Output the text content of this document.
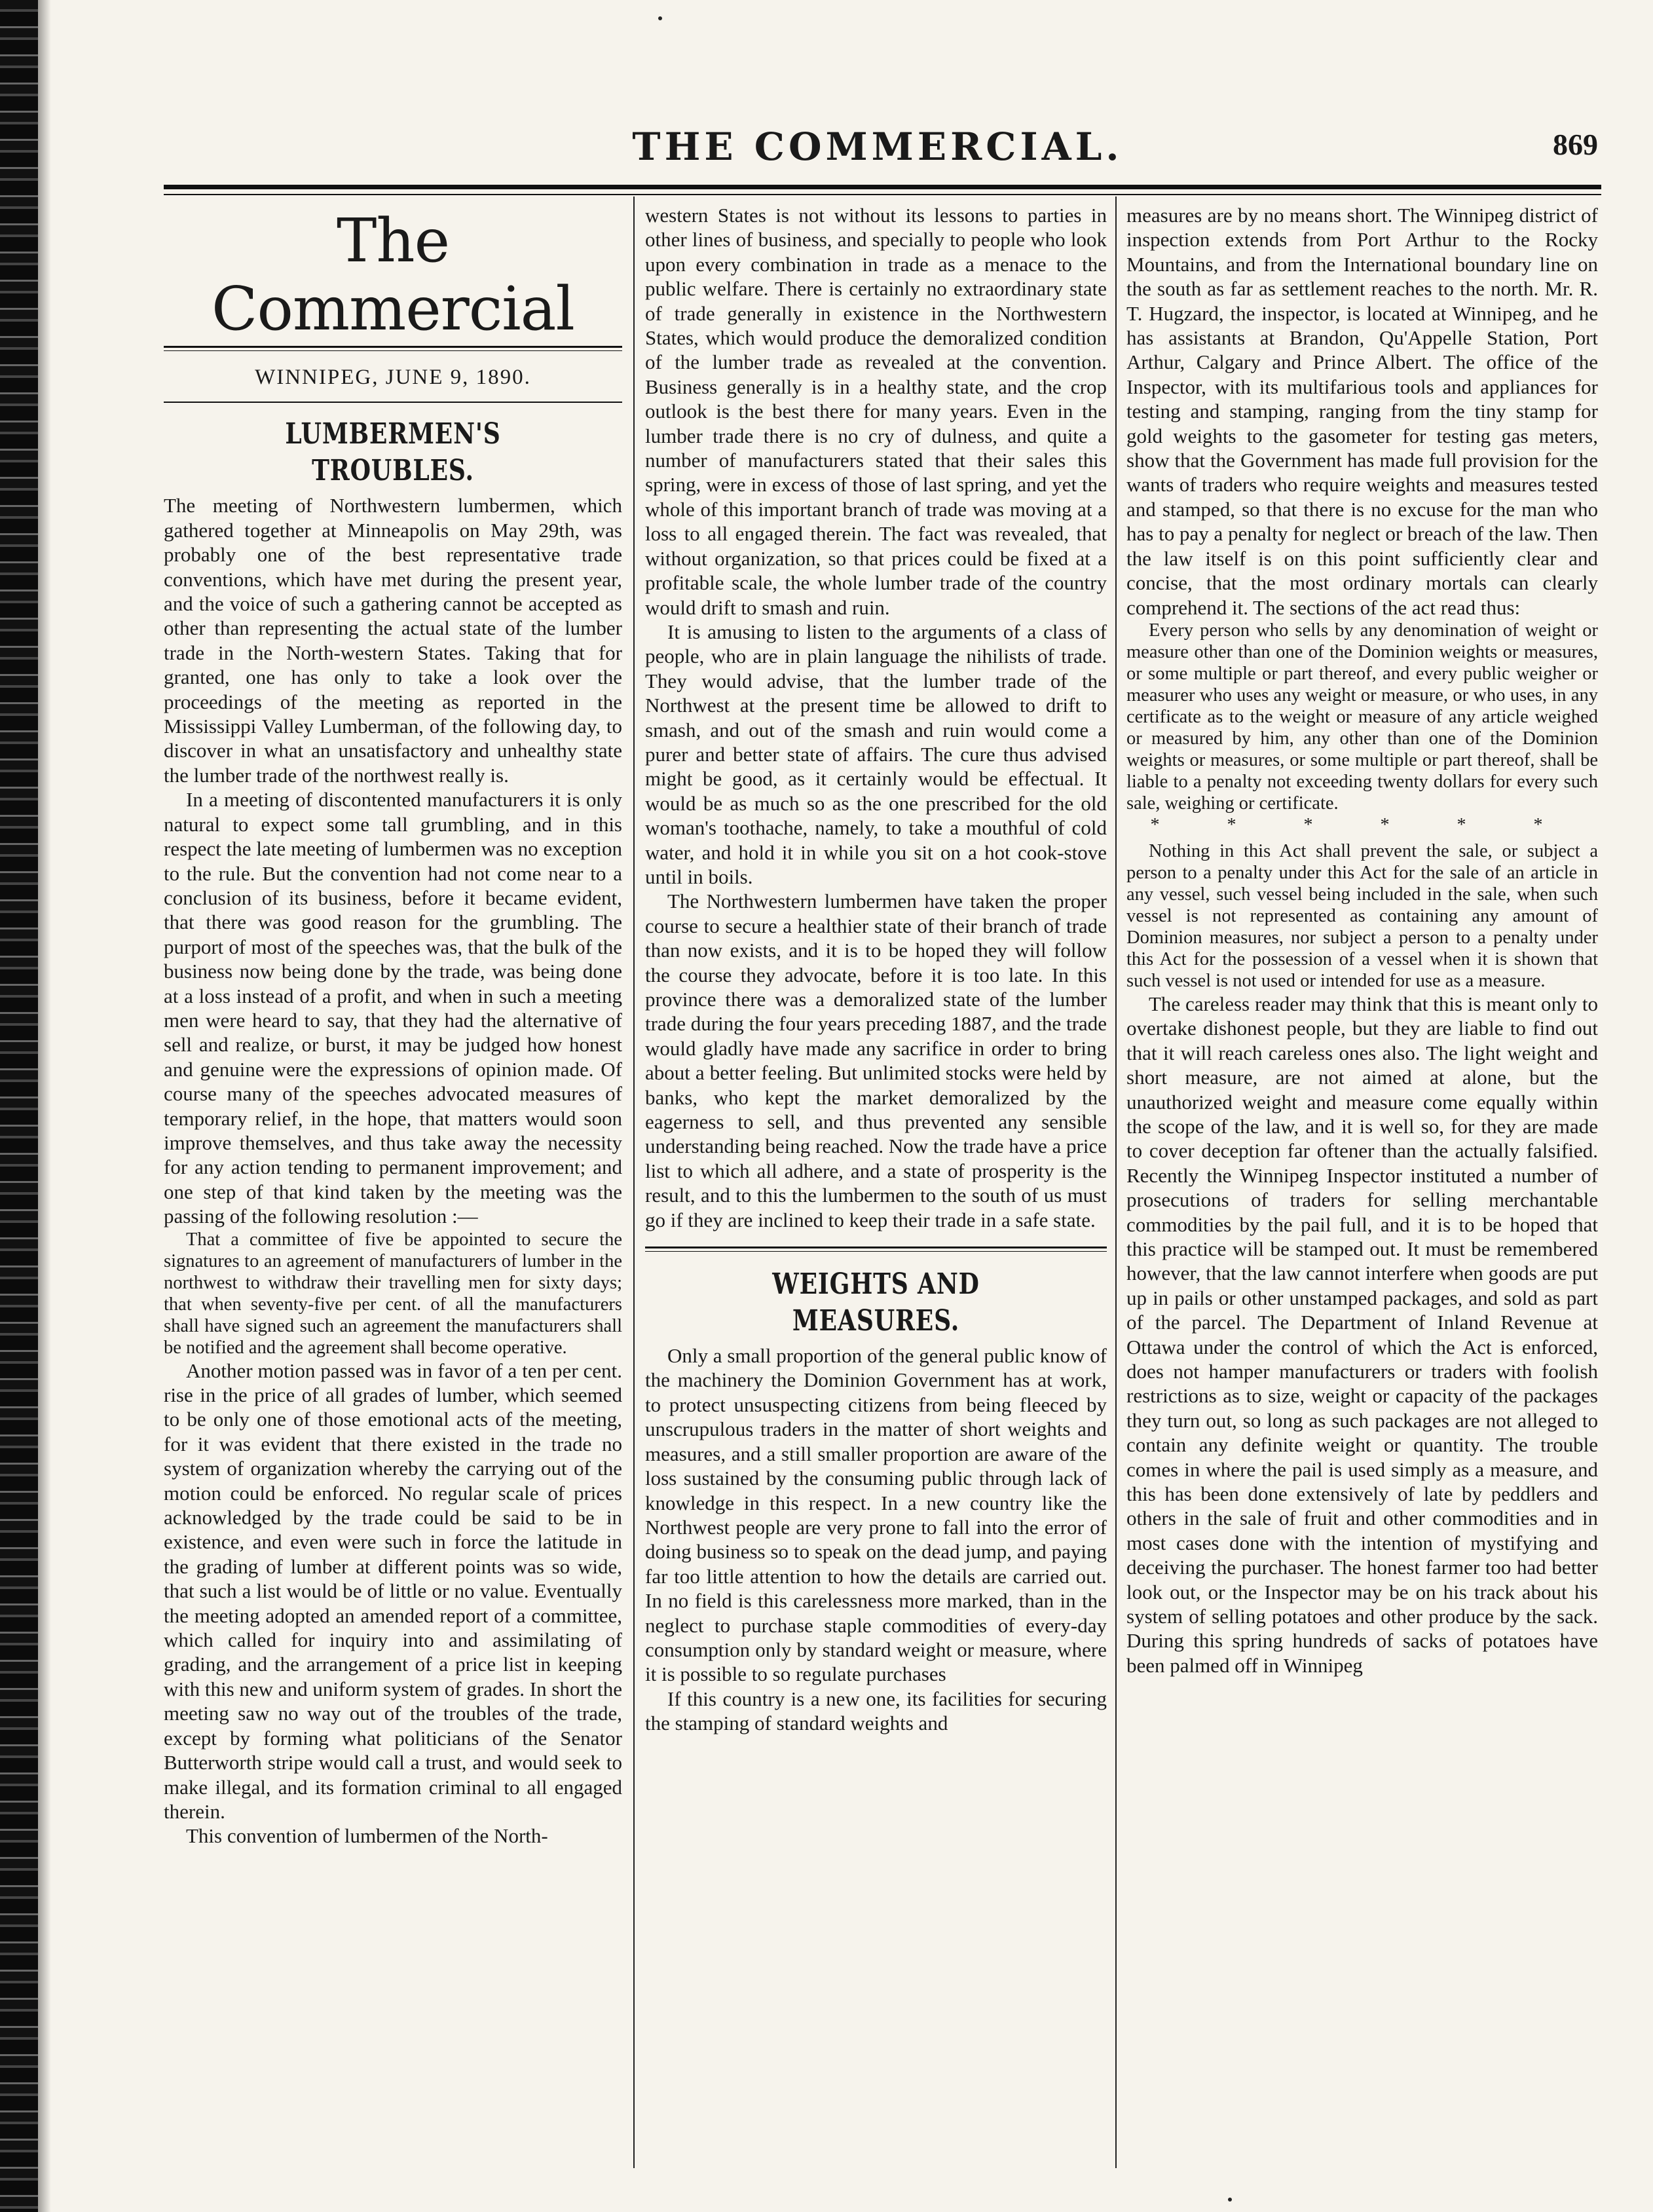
THE COMMERCIAL.	869
The Commercial
WINNIPEG, JUNE 9, 1890.
LUMBERMEN'S TROUBLES.

The meeting of Northwestern lumbermen, which gathered together at Minneapolis on May 29th, was probably one of the best representative trade conventions, which have met during the present year, and the voice of such a gathering cannot be accepted as other than representing the actual state of the lumber trade in the North-western States. Taking that for granted, one has only to take a look over the proceedings of the meeting as reported in the Mississippi Valley Lumberman, of the following day, to discover in what an unsatisfactory and unhealthy state the lumber trade of the northwest really is.

In a meeting of discontented manufacturers it is only natural to expect some tall grumbling, and in this respect the late meeting of lumbermen was no exception to the rule. But the convention had not come near to a conclusion of its business, before it became evident, that there was good reason for the grumbling. The purport of most of the speeches was, that the bulk of the business now being done by the trade, was being done at a loss instead of a profit, and when in such a meeting men were heard to say, that they had the alternative of sell and realize, or burst, it may be judged how honest and genuine were the expressions of opinion made. Of course many of the speeches advocated measures of temporary relief, in the hope, that matters would soon improve themselves, and thus take away the necessity for any action tending to permanent improvement; and one step of that kind taken by the meeting was the passing of the following resolution :—

That a committee of five be appointed to secure the signatures to an agreement of manufacturers of lumber in the northwest to withdraw their travelling men for sixty days; that when seventy-five per cent. of all the manufacturers shall have signed such an agreement the manufacturers shall be notified and the agreement shall become operative.

Another motion passed was in favor of a ten per cent. rise in the price of all grades of lumber, which seemed to be only one of those emotional acts of the meeting, for it was evident that there existed in the trade no system of organization whereby the carrying out of the motion could be enforced. No regular scale of prices acknowledged by the trade could be said to be in existence, and even were such in force the latitude in the grading of lumber at different points was so wide, that such a list would be of little or no value. Eventually the meeting adopted an amended report of a committee, which called for inquiry into and assimilating of grading, and the arrangement of a price list in keeping with this new and uniform system of grades. In short the meeting saw no way out of the troubles of the trade, except by forming what politicians of the Senator Butterworth stripe would call a trust, and would seek to make illegal, and its formation criminal to all engaged therein.

This convention of lumbermen of the North-

western States is not without its lessons to parties in other lines of business, and specially to people who look upon every combination in trade as a menace to the public welfare. There is certainly no extraordinary state of trade generally in existence in the Northwestern States, which would produce the demoralized condition of the lumber trade as revealed at the convention. Business generally is in a healthy state, and the crop outlook is the best there for many years. Even in the lumber trade there is no cry of dulness, and quite a number of manufacturers stated that their sales this spring, were in excess of those of last spring, and yet the whole of this important branch of trade was moving at a loss to all engaged therein. The fact was revealed, that without organization, so that prices could be fixed at a profitable scale, the whole lumber trade of the country would drift to smash and ruin.

It is amusing to listen to the arguments of a class of people, who are in plain language the nihilists of trade. They would advise, that the lumber trade of the Northwest at the present time be allowed to drift to smash, and out of the smash and ruin would come a purer and better state of affairs. The cure thus advised might be good, as it certainly would be effectual. It would be as much so as the one prescribed for the old woman's toothache, namely, to take a mouthful of cold water, and hold it in while you sit on a hot cook-stove until in boils.

The Northwestern lumbermen have taken the proper course to secure a healthier state of their branch of trade than now exists, and it is to be hoped they will follow the course they advocate, before it is too late. In this province there was a demoralized state of the lumber trade during the four years preceding 1887, and the trade would gladly have made any sacrifice in order to bring about a better feeling. But unlimited stocks were held by banks, who kept the market demoralized by the eagerness to sell, and thus prevented any sensible understanding being reached. Now the trade have a price list to which all adhere, and a state of prosperity is the result, and to this the lumbermen to the south of us must go if they are inclined to keep their trade in a safe state.

WEIGHTS AND MEASURES.

Only a small proportion of the general public know of the machinery the Dominion Government has at work, to protect unsuspecting citizens from being fleeced by unscrupulous traders in the matter of short weights and measures, and a still smaller proportion are aware of the loss sustained by the consuming public through lack of knowledge in this respect. In a new country like the Northwest people are very prone to fall into the error of doing business so to speak on the dead jump, and paying far too little attention to how the details are carried out. In no field is this carelessness more marked, than in the neglect to purchase staple commodities of every-day consumption only by standard weight or measure, where it is possible to so regulate purchases

If this country is a new one, its facilities for securing the stamping of standard weights and

measures are by no means short. The Winnipeg district of inspection extends from Port Arthur to the Rocky Mountains, and from the International boundary line on the south as far as settlement reaches to the north. Mr. R. T. Hugzard, the inspector, is located at Winnipeg, and he has assistants at Brandon, Qu'Appelle Station, Port Arthur, Calgary and Prince Albert. The office of the Inspector, with its multifarious tools and appliances for testing and stamping, ranging from the tiny stamp for gold weights to the gasometer for testing gas meters, show that the Government has made full provision for the wants of traders who require weights and measures tested and stamped, so that there is no excuse for the man who has to pay a penalty for neglect or breach of the law. Then the law itself is on this point sufficiently clear and concise, that the most ordinary mortals can clearly comprehend it. The sections of the act read thus:

Every person who sells by any denomination of weight or measure other than one of the Dominion weights or measures, or some multiple or part thereof, and every public weigher or measurer who uses any weight or measure, or who uses, in any certificate as to the weight or measure of any article weighed or measured by him, any other than one of the Dominion weights or measures, or some multiple or part thereof, shall be liable to a penalty not exceeding twenty dollars for every such sale, weighing or certificate.

* * * * * *

Nothing in this Act shall prevent the sale, or subject a person to a penalty under this Act for the sale of an article in any vessel, such vessel being included in the sale, when such vessel is not represented as containing any amount of Dominion measures, nor subject a person to a penalty under this Act for the possession of a vessel when it is shown that such vessel is not used or intended for use as a measure.

The careless reader may think that this is meant only to overtake dishonest people, but they are liable to find out that it will reach careless ones also. The light weight and short measure, are not aimed at alone, but the unauthorized weight and measure come equally within the scope of the law, and it is well so, for they are made to cover deception far oftener than the actually falsified. Recently the Winnipeg Inspector instituted a number of prosecutions of traders for selling merchantable commodities by the pail full, and it is to be hoped that this practice will be stamped out. It must be remembered however, that the law cannot interfere when goods are put up in pails or other unstamped packages, and sold as part of the parcel. The Department of Inland Revenue at Ottawa under the control of which the Act is enforced, does not hamper manufacturers or traders with foolish restrictions as to size, weight or capacity of the packages they turn out, so long as such packages are not alleged to contain any definite weight or quantity. The trouble comes in where the pail is used simply as a measure, and this has been done extensively of late by peddlers and others in the sale of fruit and other commodities and in most cases done with the intention of mystifying and deceiving the purchaser. The honest farmer too had better look out, or the Inspector may be on his track about his system of selling potatoes and other produce by the sack. During this spring hundreds of sacks of potatoes have been palmed off in Winnipeg
